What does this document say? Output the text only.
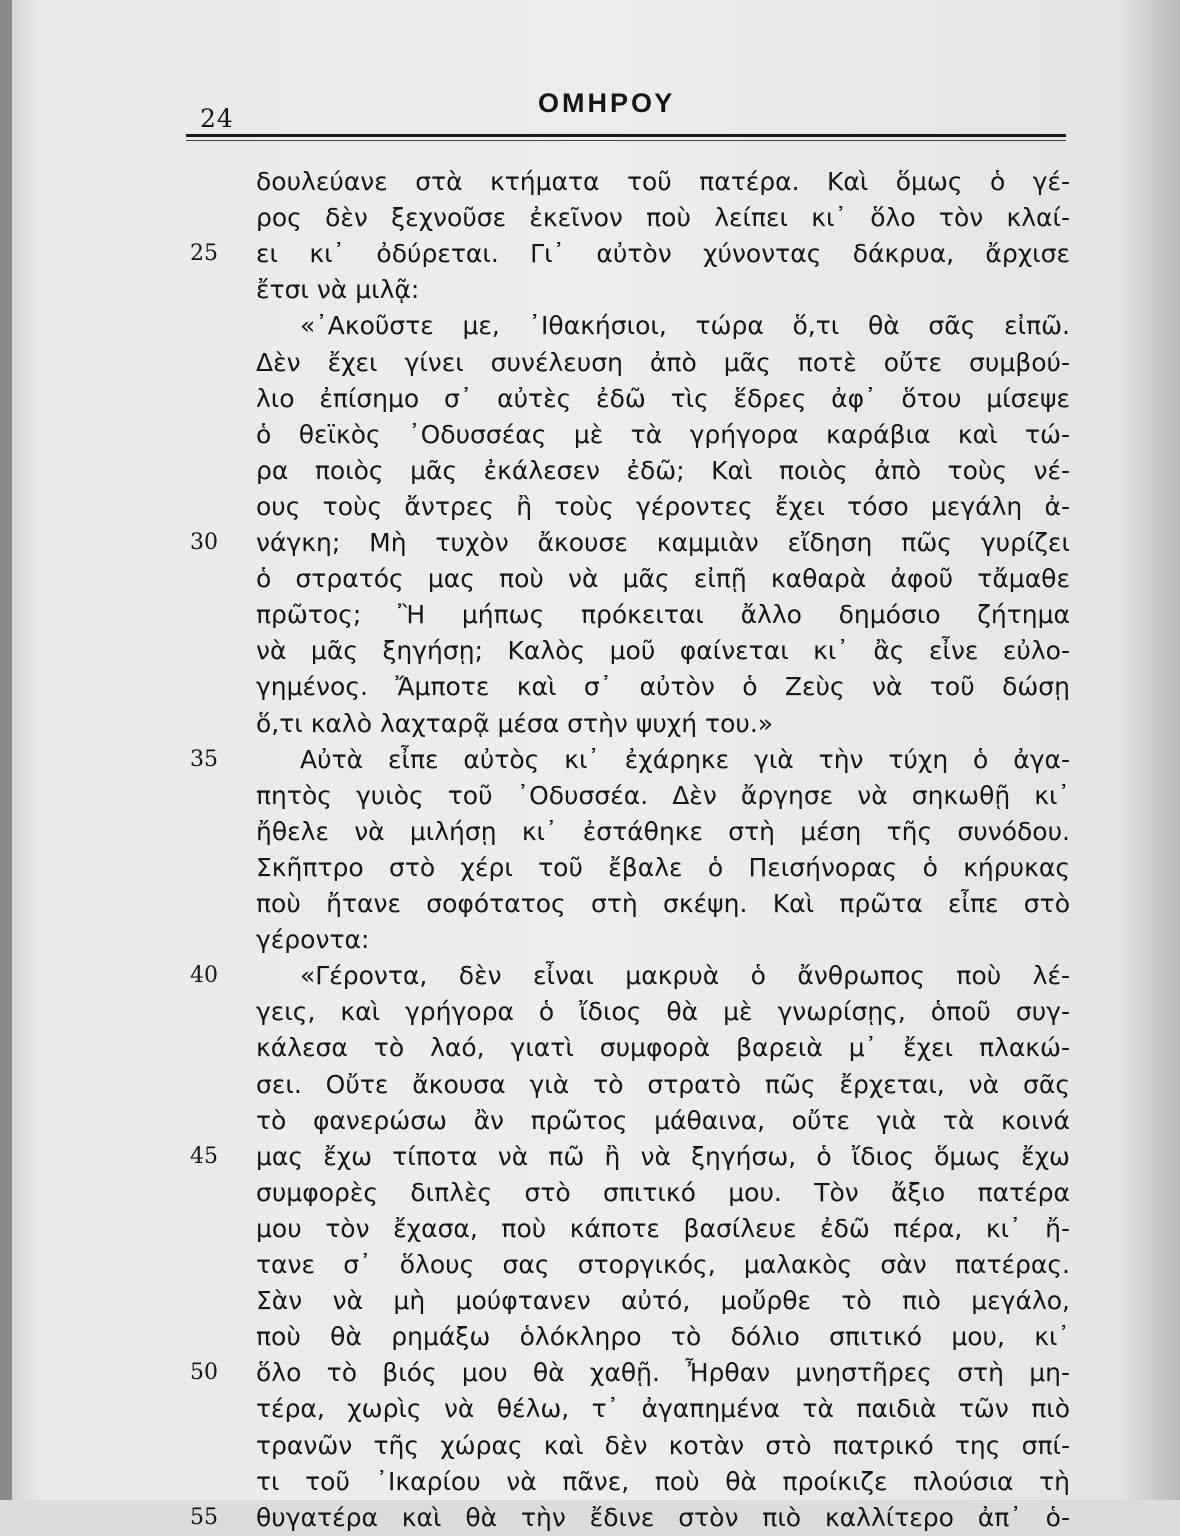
24
ΟΜΗΡΟΥ
δουλεύανε στὰ κτήματα τοῦ πατέρα. Καὶ ὅμως ὁ γέ-
ρος δὲν ξεχνοῦσε ἐκεῖνον ποὺ λείπει κι᾿ ὅλο τὸν κλαί-
25	ει κι᾿ ὀδύρεται. Γι᾿ αὐτὸν χύνοντας δάκρυα, ἄρχισε
ἔτσι νὰ μιλᾷ:
«᾿Ακοῦστε με, ᾿Ιθακήσιοι, τώρα ὅ,τι θὰ σᾶς εἰπῶ.
Δὲν ἔχει γίνει συνέλευση ἀπὸ μᾶς ποτὲ οὔτε συμβού-
λιο ἐπίσημο σ᾿ αὐτὲς ἐδῶ τὶς ἕδρες ἀφ᾿ ὅτου μίσεψε
ὁ θεϊκὸς ᾿Οδυσσέας μὲ τὰ γρήγορα καράβια καὶ τώ-
ρα ποιὸς μᾶς ἐκάλεσεν ἐδῶ; Καὶ ποιὸς ἀπὸ τοὺς νέ-
ους τοὺς ἄντρες ἢ τοὺς γέροντες ἔχει τόσο μεγάλη ἀ-
30	νάγκη; Μὴ τυχὸν ἄκουσε καμμιὰν εἴδηση πῶς γυρίζει
ὁ στρατός μας ποὺ νὰ μᾶς εἰπῇ καθαρὰ ἀφοῦ τἄμαθε
πρῶτος; Ἢ μήπως πρόκειται ἄλλο δημόσιο ζήτημα
νὰ μᾶς ξηγήσῃ; Καλὸς μοῦ φαίνεται κι᾿ ἂς εἶνε εὐλο-
γημένος. Ἄμποτε καὶ σ᾿ αὐτὸν ὁ Ζεὺς νὰ τοῦ δώσῃ
ὅ,τι καλὸ λαχταρᾷ μέσα στὴν ψυχή του.»
35	Αὐτὰ εἶπε αὐτὸς κι᾿ ἐχάρηκε γιὰ τὴν τύχη ὁ ἀγα-
πητὸς γυιὸς τοῦ ᾿Οδυσσέα. Δὲν ἄργησε νὰ σηκωθῇ κι᾿
ἤθελε νὰ μιλήσῃ κι᾿ ἐστάθηκε στὴ μέση τῆς συνόδου.
Σκῆπτρο στὸ χέρι τοῦ ἔβαλε ὁ Πεισήνορας ὁ κήρυκας
ποὺ ἤτανε σοφότατος στὴ σκέψη. Καὶ πρῶτα εἶπε στὸ
γέροντα:
40	«Γέροντα, δὲν εἶναι μακρυὰ ὁ ἄνθρωπος ποὺ λέ-
γεις, καὶ γρήγορα ὁ ἴδιος θὰ μὲ γνωρίσῃς, ὁποῦ συγ-
κάλεσα τὸ λαό, γιατὶ συμφορὰ βαρειὰ μ᾿ ἔχει πλακώ-
σει. Οὔτε ἄκουσα γιὰ τὸ στρατὸ πῶς ἔρχεται, νὰ σᾶς
τὸ φανερώσω ἂν πρῶτος μάθαινα, οὔτε γιὰ τὰ κοινά
45	μας ἔχω τίποτα νὰ πῶ ἢ νὰ ξηγήσω, ὁ ἴδιος ὅμως ἔχω
συμφορὲς διπλὲς στὸ σπιτικό μου. Τὸν ἄξιο πατέρα
μου τὸν ἔχασα, ποὺ κάποτε βασίλευε ἐδῶ πέρα, κι᾿ ἤ-
τανε σ᾿ ὅλους σας στοργικός, μαλακὸς σὰν πατέρας.
Σὰν νὰ μὴ μούφτανεν αὐτό, μοὔρθε τὸ πιὸ μεγάλο,
ποὺ θὰ ρημάξω ὁλόκληρο τὸ δόλιο σπιτικό μου, κι᾿
50	ὅλο τὸ βιός μου θὰ χαθῇ. Ἦρθαν μνηστῆρες στὴ μη-
τέρα, χωρὶς νὰ θέλω, τ᾿ ἀγαπημένα τὰ παιδιὰ τῶν πιὸ
τρανῶν τῆς χώρας καὶ δὲν κοτὰν στὸ πατρικό της σπί-
τι τοῦ ᾿Ικαρίου νὰ πᾶνε, ποὺ θὰ προίκιζε πλούσια τὴ
55	θυγατέρα καὶ θὰ τὴν ἔδινε στὸν πιὸ καλλίτερο ἀπ᾿ ὁ-
